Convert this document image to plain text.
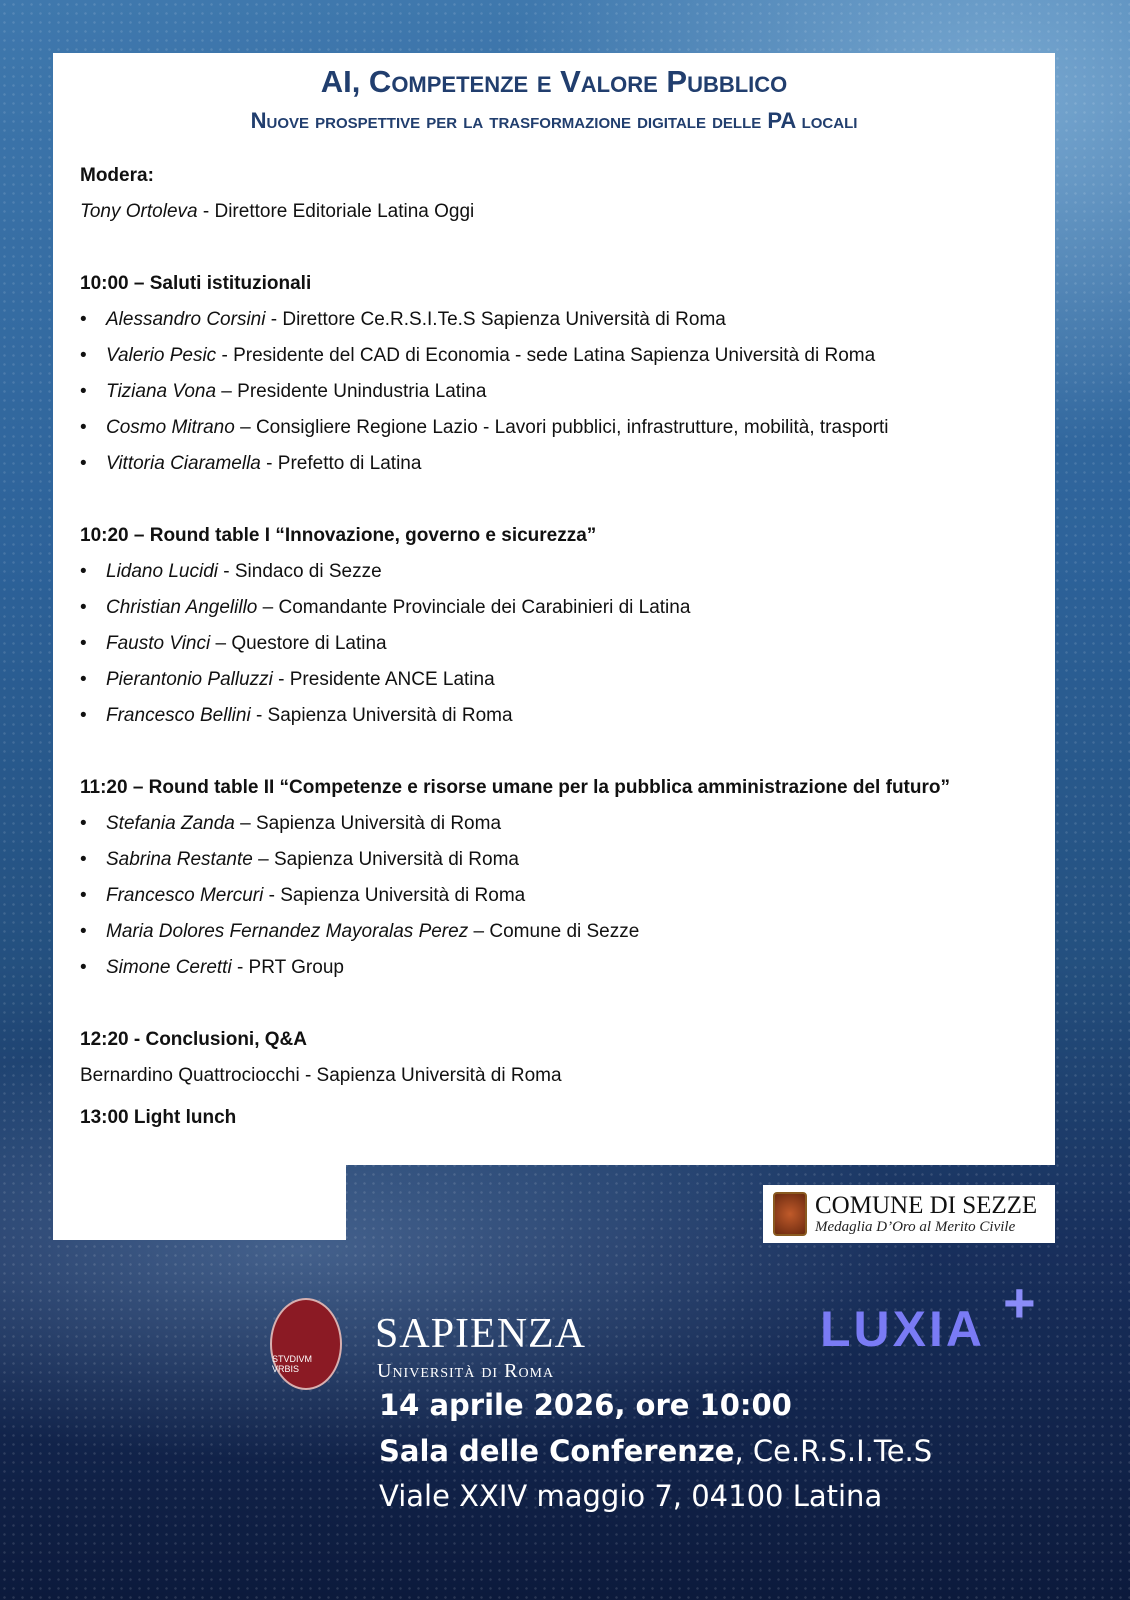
AI, Competenze e Valore Pubblico
Nuove prospettive per la trasformazione digitale delle PA locali
Modera:
Tony Ortoleva - Direttore Editoriale Latina Oggi
10:00 – Saluti istituzionali
• Alessandro Corsini - Direttore Ce.R.S.I.Te.S Sapienza Università di Roma
• Valerio Pesic - Presidente del CAD di Economia - sede Latina Sapienza Università di Roma
• Tiziana Vona – Presidente Unindustria Latina
• Cosmo Mitrano – Consigliere Regione Lazio - Lavori pubblici, infrastrutture, mobilità, trasporti
• Vittoria Ciaramella - Prefetto di Latina
10:20 – Round table I “Innovazione, governo e sicurezza”
• Lidano Lucidi - Sindaco di Sezze
• Christian Angelillo – Comandante Provinciale dei Carabinieri di Latina
• Fausto Vinci – Questore di Latina
• Pierantonio Palluzzi - Presidente ANCE Latina
• Francesco Bellini - Sapienza Università di Roma
11:20 – Round table II “Competenze e risorse umane per la pubblica amministrazione del futuro”
• Stefania Zanda – Sapienza Università di Roma
• Sabrina Restante – Sapienza Università di Roma
• Francesco Mercuri - Sapienza Università di Roma
• Maria Dolores Fernandez Mayoralas Perez – Comune di Sezze
• Simone Ceretti - PRT Group
12:20 - Conclusioni, Q&A
Bernardino Quattrociocchi - Sapienza Università di Roma
13:00 Light lunch
COMUNE DI SEZZE
Medaglia D’Oro al Merito Civile
STVDIVM VRBIS
SAPIENZA
Università di Roma
LUXIA +
14 aprile 2026, ore 10:00
Sala delle Conferenze, Ce.R.S.I.Te.S
Viale XXIV maggio 7, 04100 Latina
